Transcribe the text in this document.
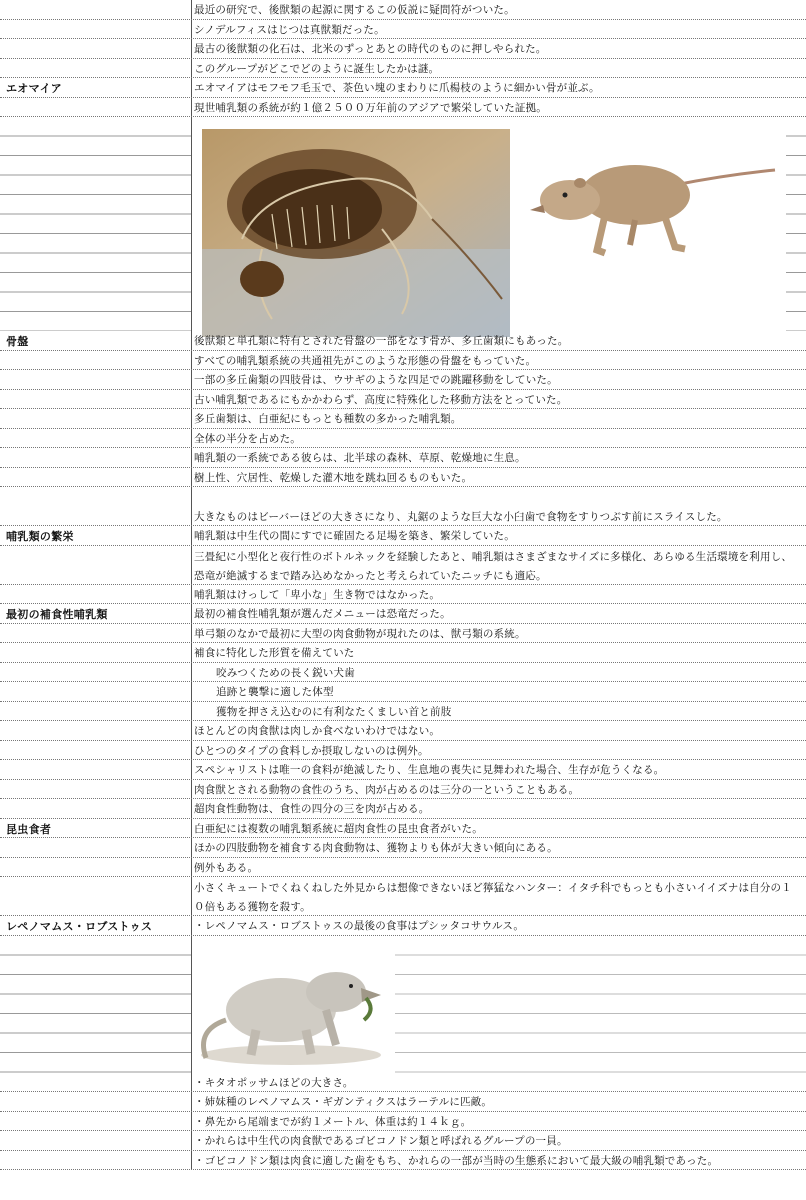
最近の研究で、後獣類の起源に関するこの仮説に疑問符がついた。
シノデルフィスはじつは真獣類だった。
最古の後獣類の化石は、北米のずっとあとの時代のものに押しやられた。
このグループがどこでどのように誕生したかは謎。
エオマイア	エオマイアはモフモフ毛玉で、茶色い塊のまわりに爪楊枝のように細かい骨が並ぶ。
現世哺乳類の系統が約１億２５００万年前のアジアで繁栄していた証拠。
骨盤	後獣類と単孔類に特有とされた骨盤の一部をなす骨が、多丘歯類にもあった。
すべての哺乳類系統の共通祖先がこのような形態の骨盤をもっていた。
一部の多丘歯類の四肢骨は、ウサギのような四足での跳躍移動をしていた。
古い哺乳類であるにもかかわらず、高度に特殊化した移動方法をとっていた。
多丘歯類は、白亜紀にもっとも種数の多かった哺乳類。
全体の半分を占めた。
哺乳類の一系統である彼らは、北半球の森林、草原、乾燥地に生息。
樹上性、穴居性、乾燥した灌木地を跳ね回るものもいた。
大きなものはビーバーほどの大きさになり、丸鋸のような巨大な小臼歯で食物をすりつぶす前にスライスした。
哺乳類の繁栄	哺乳類は中生代の間にすでに確固たる足場を築き、繁栄していた。
三畳紀に小型化と夜行性のボトルネックを経験したあと、哺乳類はさまざまなサイズに多様化、あらゆる生活環境を利用し、恐竜が絶滅するまで踏み込めなかったと考えられていたニッチにも適応。
哺乳類はけっして「卑小な」生き物ではなかった。
最初の補食性哺乳類	最初の補食性哺乳類が選んだメニューは恐竜だった。
単弓類のなかで最初に大型の肉食動物が現れたのは、獣弓類の系統。
補食に特化した形質を備えていた
咬みつくための長く鋭い犬歯
追跡と襲撃に適した体型
獲物を押さえ込むのに有利なたくましい首と前肢
ほとんどの肉食獣は肉しか食べないわけではない。
ひとつのタイプの食料しか摂取しないのは例外。
スペシャリストは唯一の食料が絶滅したり、生息地の喪失に見舞われた場合、生存が危うくなる。
肉食獣とされる動物の食性のうち、肉が占めるのは三分の一ということもある。
超肉食性動物は、食性の四分の三を肉が占める。
昆虫食者	白亜紀には複数の哺乳類系統に超肉食性の昆虫食者がいた。
ほかの四肢動物を補食する肉食動物は、獲物よりも体が大きい傾向にある。
例外もある。
小さくキュートでくねくねした外見からは想像できないほど獰猛なハンター：イタチ科でもっとも小さいイイズナは自分の１０倍もある獲物を殺す。
レペノマムス・ロブストゥス	・レペノマムス・ロブストゥスの最後の食事はプシッタコサウルス。
・キタオポッサムほどの大きさ。
・姉妹種のレペノマムス・ギガンティクスはラーテルに匹敵。
・鼻先から尾端までが約１メートル、体重は約１４ｋｇ。
・かれらは中生代の肉食獣であるゴビコノドン類と呼ばれるグループの一員。
・ゴビコノドン類は肉食に適した歯をもち、かれらの一部が当時の生態系において最大級の哺乳類であった。
